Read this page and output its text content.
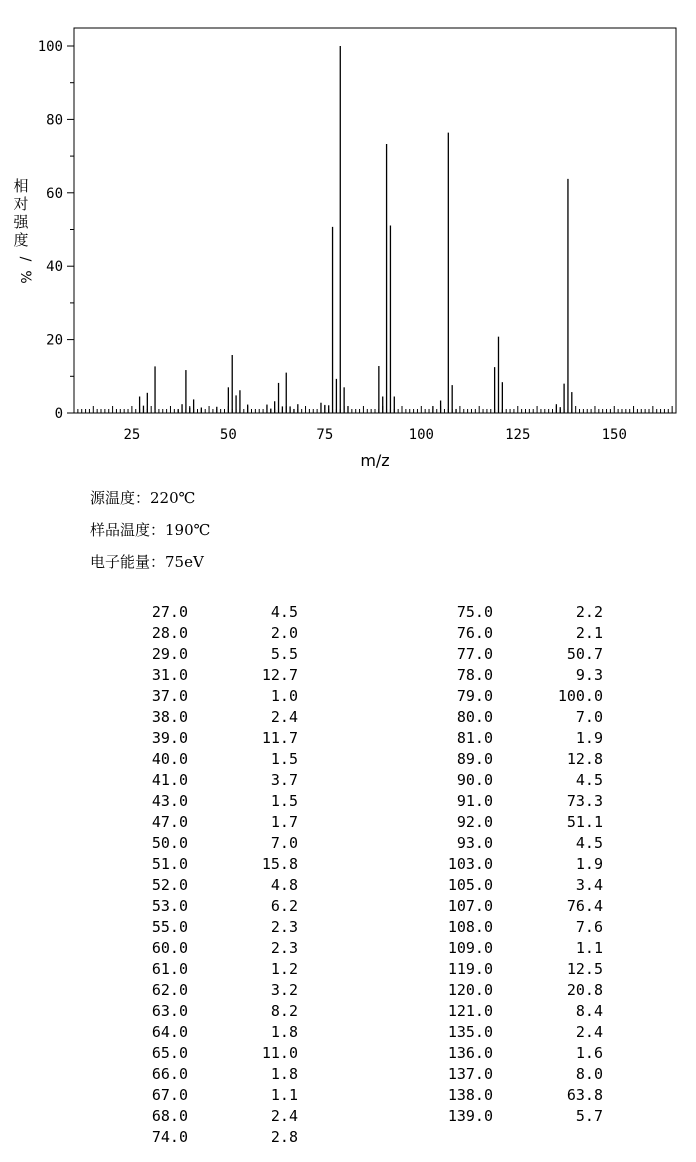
0
20
40
60
80
100
25	50	75	100	125	150
m/z
相
对
强
度
/
%
源温度：220℃
样品温度：190℃
电子能量：75eV
27.0	4.5
28.0	2.0
29.0	5.5
31.0	12.7
37.0	1.0
38.0	2.4
39.0	11.7
40.0	1.5
41.0	3.7
43.0	1.5
47.0	1.7
50.0	7.0
51.0	15.8
52.0	4.8
53.0	6.2
55.0	2.3
60.0	2.3
61.0	1.2
62.0	3.2
63.0	8.2
64.0	1.8
65.0	11.0
66.0	1.8
67.0	1.1
68.0	2.4
74.0	2.8
75.0	2.2
76.0	2.1
77.0	50.7
78.0	9.3
79.0	100.0
80.0	7.0
81.0	1.9
89.0	12.8
90.0	4.5
91.0	73.3
92.0	51.1
93.0	4.5
103.0	1.9
105.0	3.4
107.0	76.4
108.0	7.6
109.0	1.1
119.0	12.5
120.0	20.8
121.0	8.4
135.0	2.4
136.0	1.6
137.0	8.0
138.0	63.8
139.0	5.7
